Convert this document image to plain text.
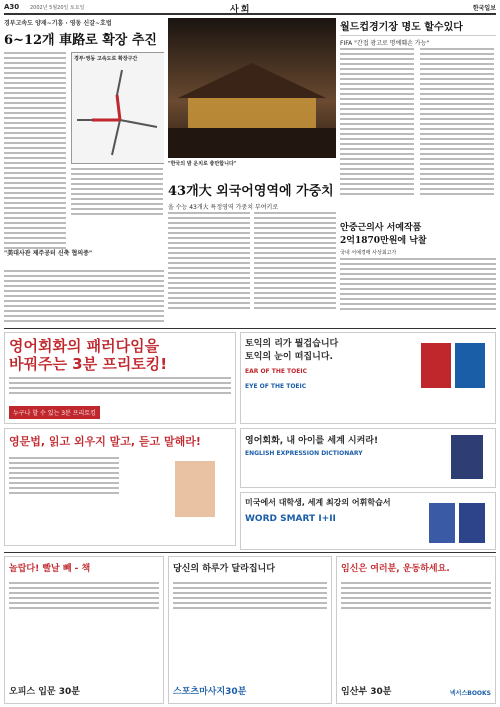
A30 2002년 5월20일 토요일	사회	한국일보
경부고속도 양재~기흥 · 영동 신갈~호법
6~12개 車路로 확장 추진
경부·영동 고속도로 확장구간
"美대사관 제주공터 신축 협의중"
"한국의 밤 운치로 충만합니다"
월드컵경기장 명도 할수있다
FIFA "간접 광고로 명예훼손 가능"
43개大 외국어영역에 가중치
올 수능 43개大 특정영역 가중치 부여키로
안중근의사 서예작품
2억1870만원에 낙찰
국내 서예경매 사상최고가
영어회화의 패러다임을
바꿔주는 3분 프리토킹!
누구나 할 수 있는 3분 프리토킹
토익의 리가 뭘겁습니다
토익의 눈이 떠집니다.
EAR OF THE TOEIC
EYE OF THE TOEIC
영어회화, 내 아이를 세계 시켜라!
ENGLISH EXPRESSION DICTIONARY
영문법, 읽고 외우지 말고, 듣고 말해라!
미국에서 대학생, 세계 최강의 어휘학습서
WORD SMART I+II
놀랍다! 빨날 빼 - 책
오피스 입문 30분
당신의 하루가 달라집니다
스포츠마사지30분
임신은 여러분, 운동하세요.
임산부 30분	넥서스BOOKS
